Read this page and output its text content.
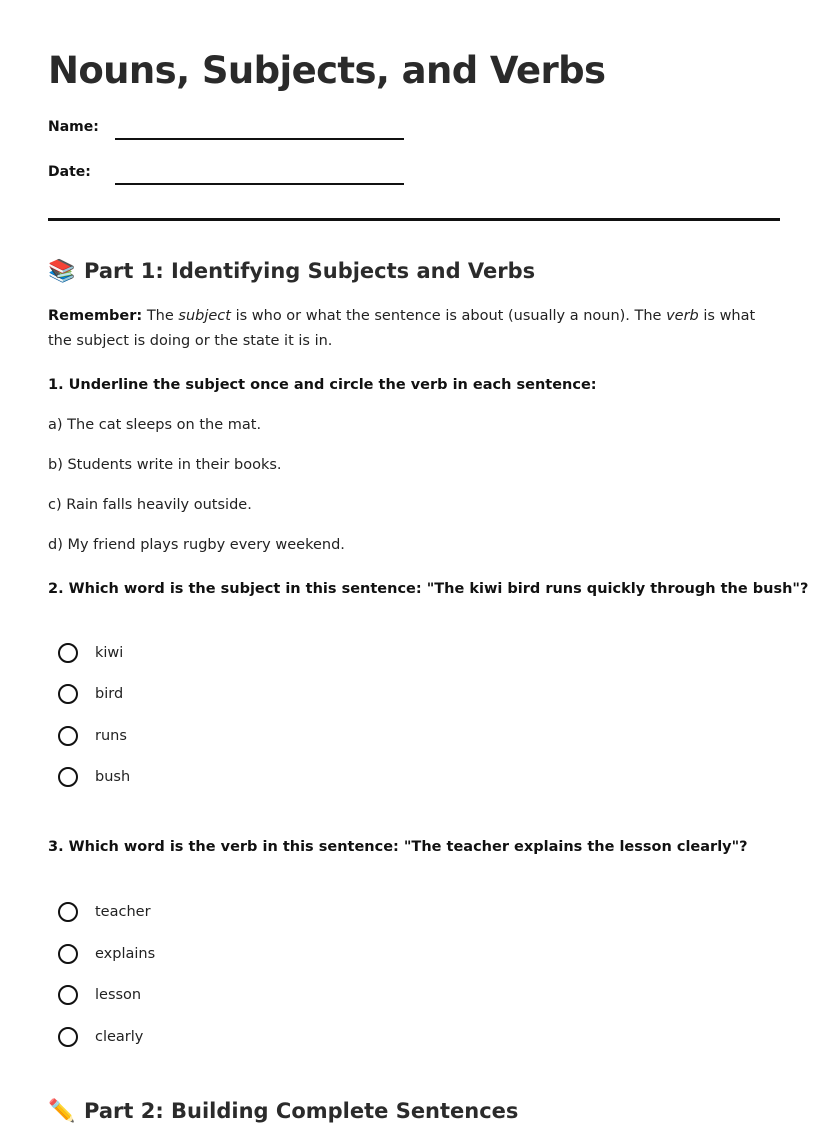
Nouns, Subjects, and Verbs
Name:
Date:
📚 Part 1: Identifying Subjects and Verbs
Remember: The subject is who or what the sentence is about (usually a noun). The verb is what the subject is doing or the state it is in.
1. Underline the subject once and circle the verb in each sentence:
a) The cat sleeps on the mat.
b) Students write in their books.
c) Rain falls heavily outside.
d) My friend plays rugby every weekend.
2. Which word is the subject in this sentence: "The kiwi bird runs quickly through the bush"?
kiwi
bird
runs
bush
3. Which word is the verb in this sentence: "The teacher explains the lesson clearly"?
teacher
explains
lesson
clearly
✏️ Part 2: Building Complete Sentences
